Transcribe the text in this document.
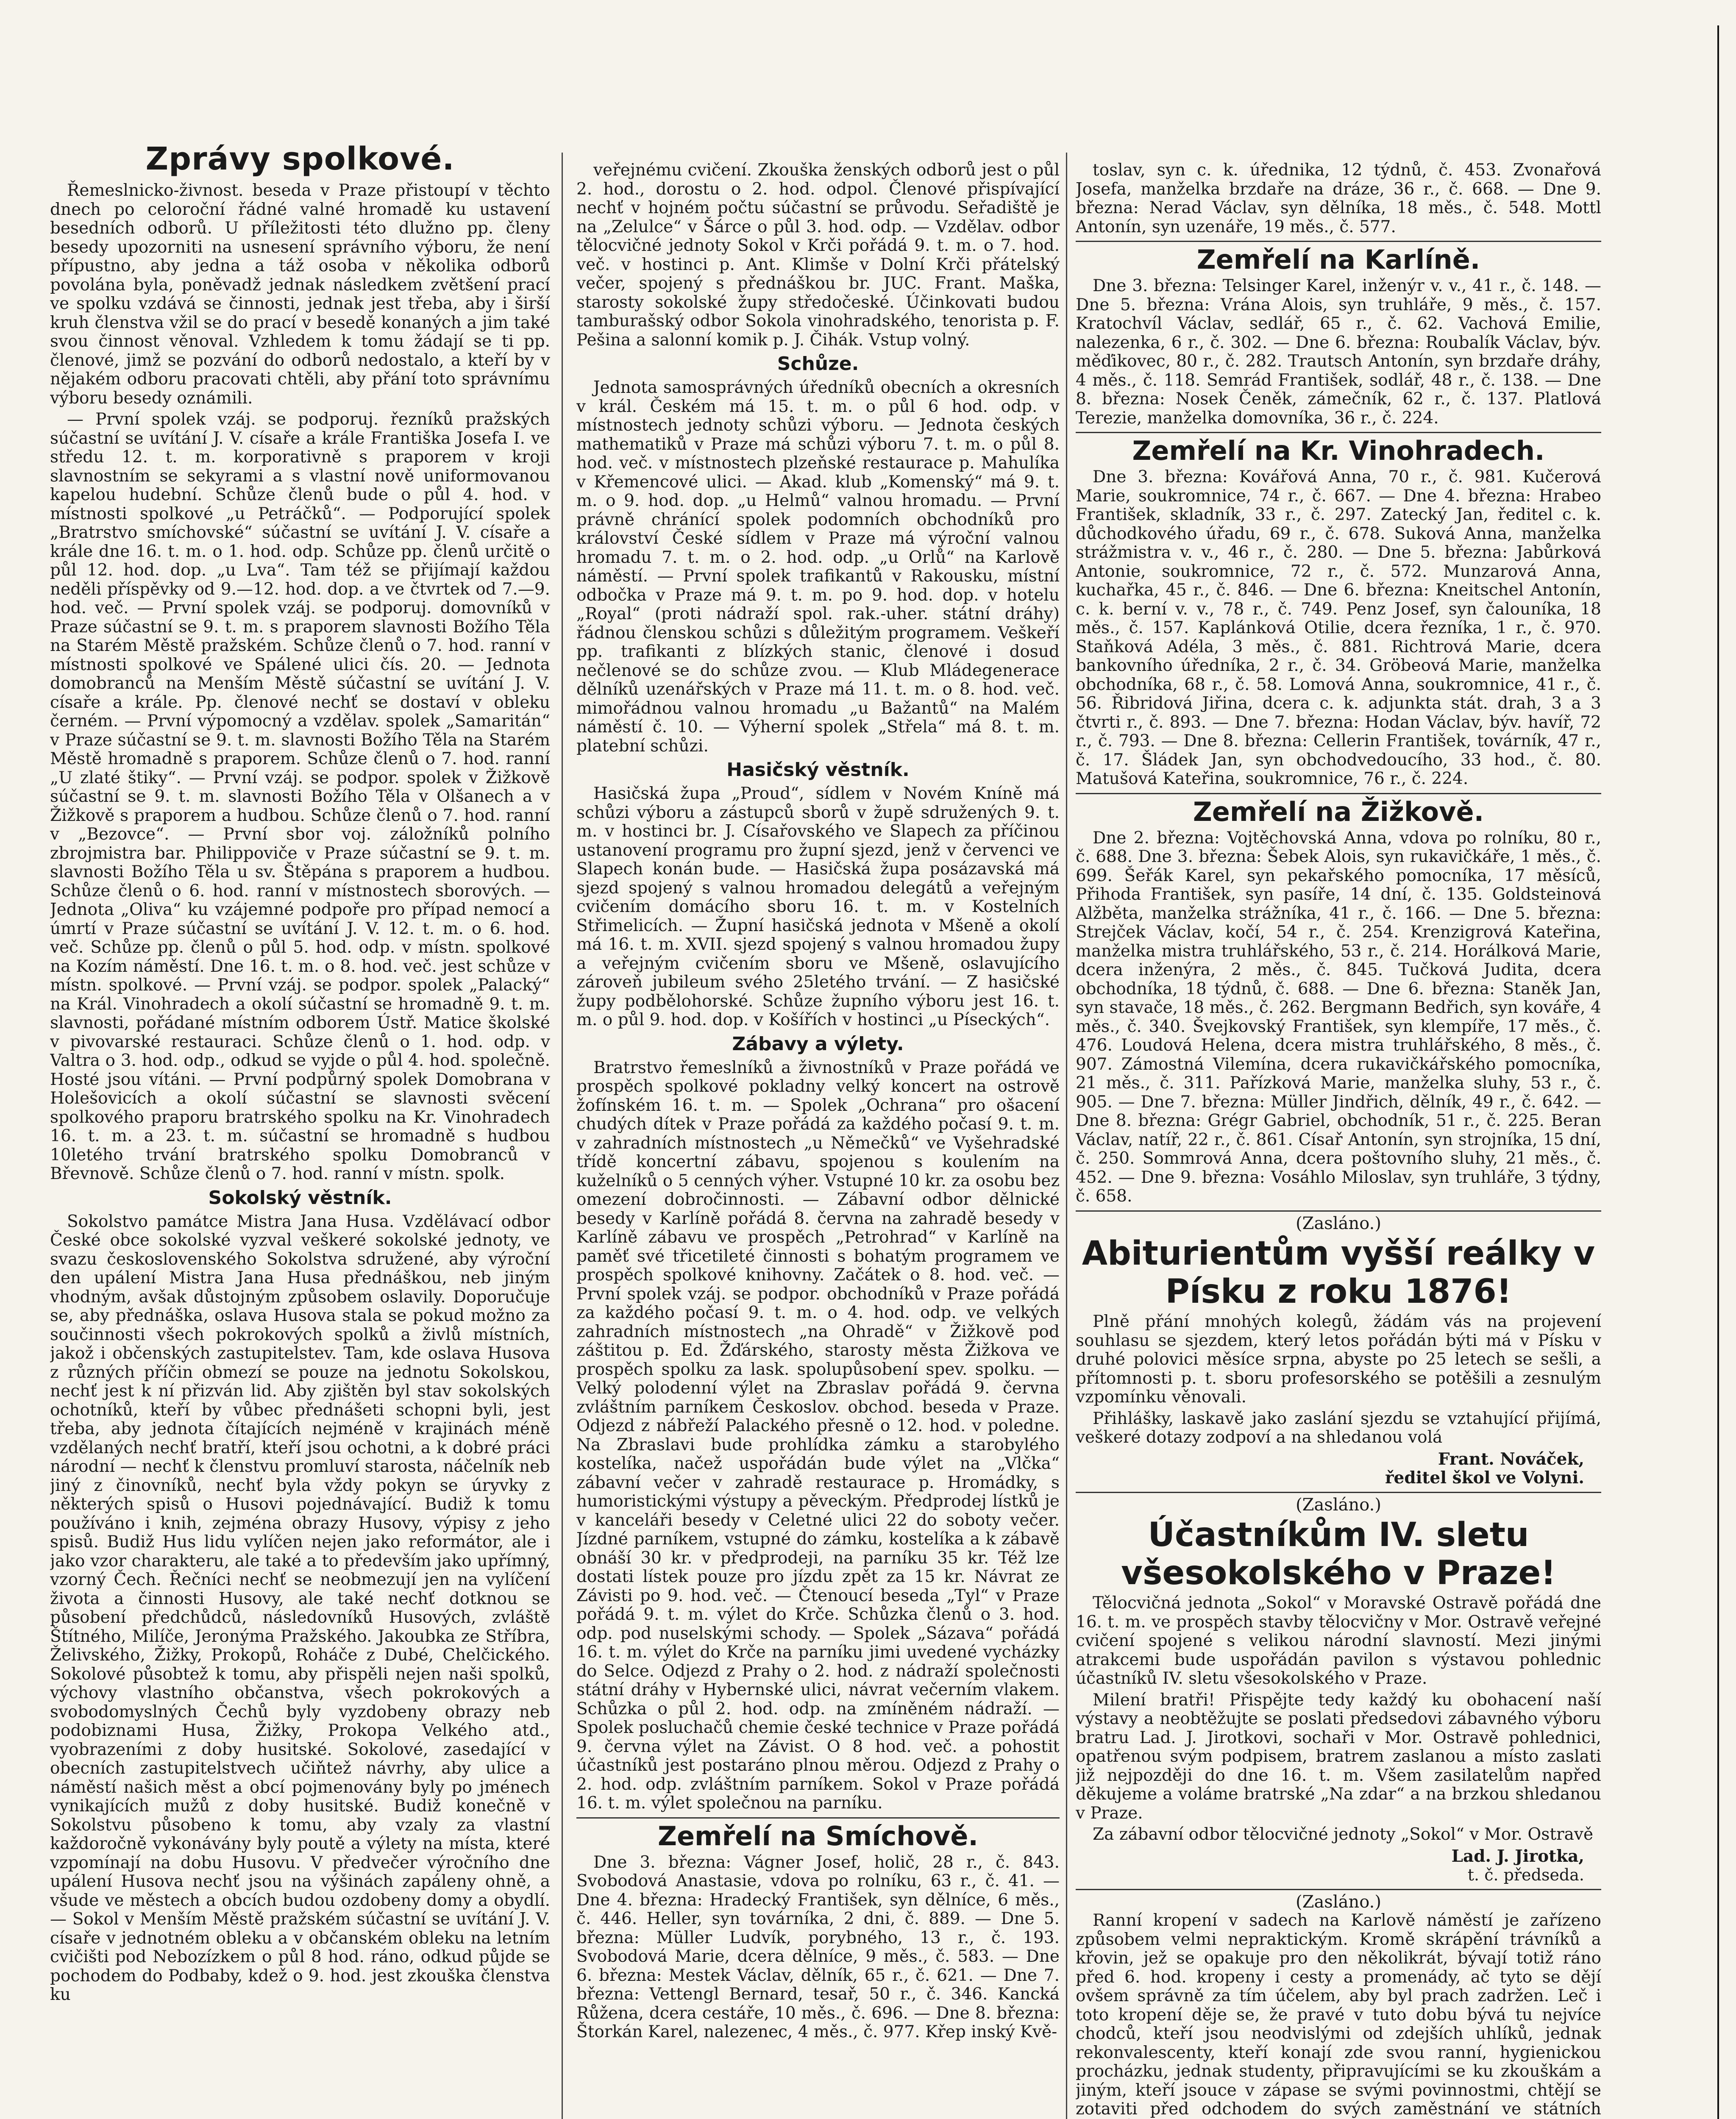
Zprávy spolkové.

Řemeslnicko-živnost. beseda v Praze přistoupí v těchto dnech po celoroční řádné valné hromadě ku ustavení besedních odborů. U příležitosti této dlužno pp. členy besedy upozorniti na usnesení správního výboru, že není přípustno, aby jedna a táž osoba v několika odborů povolána byla, poněvadž jednak následkem zvětšení prací ve spolku vzdává se činnosti, jednak jest třeba, aby i širší kruh členstva vžil se do prací v besedě konaných a jim také svou činnost věnoval. Vzhledem k tomu žádají se ti pp. členové, jimž se pozvání do odborů nedostalo, a kteří by v nějakém odboru pracovati chtěli, aby přání toto správnímu výboru besedy oznámili.

— První spolek vzáj. se podporuj. řezníků pražských súčastní se uvítání J. V. císaře a krále Františka Josefa I. ve středu 12. t. m. korporativně s praporem v kroji slavnostním se sekyrami a s vlastní nově uniformovanou kapelou hudební. Schůze členů bude o půl 4. hod. v místnosti spolkové „u Petráčků“. — Podporující spolek „Bratrstvo smíchovské“ súčastní se uvítání J. V. císaře a krále dne 16. t. m. o 1. hod. odp. Schůze pp. členů určitě o půl 12. hod. dop. „u Lva“. Tam též se přijímají každou neděli příspěvky od 9.—12. hod. dop. a ve čtvrtek od 7.—9. hod. več. — První spolek vzáj. se podporuj. domovníků v Praze súčastní se 9. t. m. s praporem slavnosti Božího Těla na Starém Městě pražském. Schůze členů o 7. hod. ranní v místnosti spolkové ve Spálené ulici čís. 20. — Jednota domobranců na Menším Městě súčastní se uvítání J. V. císaře a krále. Pp. členové nechť se dostaví v obleku černém. — První výpomocný a vzdělav. spolek „Samaritán“ v Praze súčastní se 9. t. m. slavnosti Božího Těla na Starém Městě hromadně s praporem. Schůze členů o 7. hod. ranní „U zlaté štiky“. — První vzáj. se podpor. spolek v Žižkově súčastní se 9. t. m. slavnosti Božího Těla v Olšanech a v Žižkově s praporem a hudbou. Schůze členů o 7. hod. ranní v „Bezovce“. — První sbor voj. záložníků polního zbrojmistra bar. Philippoviče v Praze súčastní se 9. t. m. slavnosti Božího Těla u sv. Štěpána s praporem a hudbou. Schůze členů o 6. hod. ranní v místnostech sborových. — Jednota „Oliva“ ku vzájemné podpoře pro případ nemocí a úmrtí v Praze súčastní se uvítání J. V. 12. t. m. o 6. hod. več. Schůze pp. členů o půl 5. hod. odp. v místn. spolkové na Kozím náměstí. Dne 16. t. m. o 8. hod. več. jest schůze v místn. spolkové. — První vzáj. se podpor. spolek „Palacký“ na Král. Vinohradech a okolí súčastní se hromadně 9. t. m. slavnosti, pořádané místním odborem Ústř. Matice školské v pivovarské restauraci. Schůze členů o 1. hod. odp. v Valtra o 3. hod. odp., odkud se vyjde o půl 4. hod. společně. Hosté jsou vítáni. — První podpůrný spolek Domobrana v Holešovicích a okolí súčastní se slavnosti svěcení spolkového praporu bratrského spolku na Kr. Vinohradech 16. t. m. a 23. t. m. súčastní se hromadně s hudbou 10letého trvání bratrského spolku Domobranců v Břevnově. Schůze členů o 7. hod. ranní v místn. spolk.

Sokolský věstník.

Sokolstvo památce Mistra Jana Husa. Vzdělávací odbor České obce sokolské vyzval veškeré sokolské jednoty, ve svazu československého Sokolstva sdružené, aby výroční den upálení Mistra Jana Husa přednáškou, neb jiným vhodným, avšak důstojným způsobem oslavily. Doporučuje se, aby přednáška, oslava Husova stala se pokud možno za součinnosti všech pokrokových spolků a živlů místních, jakož i občenských zastupitelstev. Tam, kde oslava Husova z různých příčin obmezí se pouze na jednotu Sokolskou, nechť jest k ní přizván lid. Aby zjištěn byl stav sokolských ochotníků, kteří by vůbec přednášeti schopni byli, jest třeba, aby jednota čítajících nejméně v krajinách méně vzdělaných nechť bratří, kteří jsou ochotni, a k dobré práci národní — nechť k členstvu promluví starosta, náčelník neb jiný z činovníků, nechť byla vždy pokyn se úryvky z některých spisů o Husovi pojednávající. Budiž k tomu používáno i knih, zejména obrazy Husovy, výpisy z jeho spisů. Budiž Hus lidu vylíčen nejen jako reformátor, ale i jako vzor charakteru, ale také a to především jako upřímný, vzorný Čech. Řečníci nechť se neobmezují jen na vylíčení života a činnosti Husovy, ale také nechť dotknou se působení předchůdců, následovníků Husových, zvláště Štítného, Milíče, Jeronýma Pražského. Jakoubka ze Stříbra, Želivského, Žižky, Prokopů, Roháče z Dubé, Chelčického. Sokolové působtež k tomu, aby přispěli nejen naši spolků, výchovy vlastního občanstva, všech pokrokových a svobodomyslných Čechů byly vyzdobeny obrazy neb podobiznami Husa, Žižky, Prokopa Velkého atd., vyobrazeními z doby husitské. Sokolové, zasedající v obecních zastupitelstvech učiňtež návrhy, aby ulice a náměstí našich měst a obcí pojmenovány byly po jménech vynikajících mužů z doby husitské. Budiž konečně v Sokolstvu působeno k tomu, aby vzaly za vlastní každoročně vykonávány byly poutě a výlety na místa, které vzpomínají na dobu Husovu. V předvečer výročního dne upálení Husova nechť jsou na výšinách zapáleny ohně, a všude ve městech a obcích budou ozdobeny domy a obydlí. — Sokol v Menším Městě pražském súčastní se uvítání J. V. císaře v jednotném obleku a v občanském obleku na letním cvičišti pod Nebozízkem o půl 8 hod. ráno, odkud půjde se pochodem do Podbaby, kdež o 9. hod. jest zkouška členstva ku

veřejnému cvičení. Zkouška ženských odborů jest o půl 2. hod., dorostu o 2. hod. odpol. Členové přispívající nechť v hojném počtu súčastní se průvodu. Seřadiště je na „Zelulce“ v Šárce o půl 3. hod. odp. — Vzdělav. odbor tělocvičné jednoty Sokol v Krči pořádá 9. t. m. o 7. hod. več. v hostinci p. Ant. Klimše v Dolní Krči přátelský večer, spojený s přednáškou br. JUC. Frant. Maška, starosty sokolské župy středočeské. Účinkovati budou tamburašský odbor Sokola vinohradského, tenorista p. F. Pešina a salonní komik p. J. Čihák. Vstup volný.

Schůze.

Jednota samosprávných úředníků obecních a okresních v král. Českém má 15. t. m. o půl 6 hod. odp. v místnostech jednoty schůzi výboru. — Jednota českých mathematiků v Praze má schůzi výboru 7. t. m. o půl 8. hod. več. v místnostech plzeňské restaurace p. Mahulíka v Křemencové ulici. — Akad. klub „Komenský“ má 9. t. m. o 9. hod. dop. „u Helmů“ valnou hromadu. — První právně chránící spolek podomních obchodníků pro království České sídlem v Praze má výroční valnou hromadu 7. t. m. o 2. hod. odp. „u Orlů“ na Karlově náměstí. — První spolek trafikantů v Rakousku, místní odbočka v Praze má 9. t. m. po 9. hod. dop. v hotelu „Royal“ (proti nádraží spol. rak.-uher. státní dráhy) řádnou členskou schůzi s důležitým programem. Veškeří pp. trafikanti z blízkých stanic, členové i dosud nečlenové se do schůze zvou. — Klub Mládegenerace dělníků uzenářských v Praze má 11. t. m. o 8. hod. več. mimořádnou valnou hromadu „u Bažantů“ na Malém náměstí č. 10. — Výherní spolek „Střela“ má 8. t. m. platební schůzi.

Hasičský věstník.

Hasičská župa „Proud“, sídlem v Novém Kníně má schůzi výboru a zástupců sborů v župě sdružených 9. t. m. v hostinci br. J. Císařovského ve Slapech za příčinou ustanovení programu pro župní sjezd, jenž v červenci ve Slapech konán bude. — Hasičská župa posázavská má sjezd spojený s valnou hromadou delegátů a veřejným cvičením domácího sboru 16. t. m. v Kostelních Střimelicích. — Župní hasičská jednota v Mšeně a okolí má 16. t. m. XVII. sjezd spojený s valnou hromadou župy a veřejným cvičením sboru ve Mšeně, oslavujícího zároveň jubileum svého 25letého trvání. — Z hasičské župy podbělohorské. Schůze župního výboru jest 16. t. m. o půl 9. hod. dop. v Košířích v hostinci „u Píseckých“.

Zábavy a výlety.

Bratrstvo řemeslníků a živnostníků v Praze pořádá ve prospěch spolkové pokladny velký koncert na ostrově žofínském 16. t. m. — Spolek „Ochrana“ pro ošacení chudých dítek v Praze pořádá za každého počasí 9. t. m. v zahradních místnostech „u Němečků“ ve Vyšehradské třídě koncertní zábavu, spojenou s koulením na kuželníků o 5 cenných výher. Vstupné 10 kr. za osobu bez omezení dobročinnosti. — Zábavní odbor dělnické besedy v Karlíně pořádá 8. června na zahradě besedy v Karlíně zábavu ve prospěch „Petrohrad“ v Karlíně na paměť své třicetileté činnosti s bohatým programem ve prospěch spolkové knihovny. Začátek o 8. hod. več. — První spolek vzáj. se podpor. obchodníků v Praze pořádá za každého počasí 9. t. m. o 4. hod. odp. ve velkých zahradních místnostech „na Ohradě“ v Žižkově pod záštitou p. Ed. Žďárského, starosty města Žižkova ve prospěch spolku za lask. spolupůsobení spev. spolku. — Velký polodenní výlet na Zbraslav pořádá 9. června zvláštním parníkem Českoslov. obchod. beseda v Praze. Odjezd z nábřeží Palackého přesně o 12. hod. v poledne. Na Zbraslavi bude prohlídka zámku a starobylého kostelíka, načež uspořádán bude výlet na „Vlčka“ zábavní večer v zahradě restaurace p. Hromádky, s humoristickými výstupy a pěveckým. Předprodej lístků je v kanceláři besedy v Celetné ulici 22 do soboty večer. Jízdné parníkem, vstupné do zámku, kostelíka a k zábavě obnáší 30 kr. v předprodeji, na parníku 35 kr. Též lze dostati lístek pouze pro jízdu zpět za 15 kr. Návrat ze Závisti po 9. hod. več. — Čtenoucí beseda „Tyl“ v Praze pořádá 9. t. m. výlet do Krče. Schůzka členů o 3. hod. odp. pod nuselskými schody. — Spolek „Sázava“ pořádá 16. t. m. výlet do Krče na parníku jimi uvedené vycházky do Selce. Odjezd z Prahy o 2. hod. z nádraží společnosti státní dráhy v Hybernské ulici, návrat večerním vlakem. Schůzka o půl 2. hod. odp. na zmíněném nádraží. — Spolek posluchačů chemie české technice v Praze pořádá 9. června výlet na Závist. O 8 hod. več. a pohostit účastníků jest postaráno plnou měrou. Odjezd z Prahy o 2. hod. odp. zvláštním parníkem. Sokol v Praze pořádá 16. t. m. výlet společnou na parníku.

Zemřelí na Smíchově.

Dne 3. března: Vágner Josef, holič, 28 r., č. 843. Svobodová Anastasie, vdova po rolníku, 63 r., č. 41. — Dne 4. března: Hradecký František, syn dělníce, 6 měs., č. 446. Heller, syn továrníka, 2 dni, č. 889. — Dne 5. března: Müller Ludvík, porybného, 13 r., č. 193. Svobodová Marie, dcera dělníce, 9 měs., č. 583. — Dne 6. března: Mestek Václav, dělník, 65 r., č. 621. — Dne 7. března: Vettengl Bernard, tesař, 50 r., č. 346. Kancká Růžena, dcera cestáře, 10 měs., č. 696. — Dne 8. března: Štorkán Karel, nalezenec, 4 měs., č. 977. Křep inský Kvě-

toslav, syn c. k. úřednika, 12 týdnů, č. 453. Zvonařová Josefa, manželka brzdaře na dráze, 36 r., č. 668. — Dne 9. března: Nerad Václav, syn dělníka, 18 měs., č. 548. Mottl Antonín, syn uzenáře, 19 měs., č. 577.

Zemřelí na Karlíně.

Dne 3. března: Telsinger Karel, inženýr v. v., 41 r., č. 148. — Dne 5. března: Vrána Alois, syn truhláře, 9 měs., č. 157. Kratochvíl Václav, sedlář, 65 r., č. 62. Vachová Emilie, nalezenka, 6 r., č. 302. — Dne 6. března: Roubalík Václav, býv. měďikovec, 80 r., č. 282. Trautsch Antonín, syn brzdaře dráhy, 4 měs., č. 118. Semrád František, sodlář, 48 r., č. 138. — Dne 8. března: Nosek Čeněk, zámečník, 62 r., č. 137. Platlová Terezie, manželka domovníka, 36 r., č. 224.

Zemřelí na Kr. Vinohradech.

Dne 3. března: Kovářová Anna, 70 r., č. 981. Kučerová Marie, soukromnice, 74 r., č. 667. — Dne 4. března: Hrabeo František, skladník, 33 r., č. 297. Zatecký Jan, ředitel c. k. důchodkového úřadu, 69 r., č. 678. Suková Anna, manželka strážmistra v. v., 46 r., č. 280. — Dne 5. března: Jabůrková Antonie, soukromnice, 72 r., č. 572. Munzarová Anna, kuchařka, 45 r., č. 846. — Dne 6. března: Kneitschel Antonín, c. k. berní v. v., 78 r., č. 749. Penz Josef, syn čalouníka, 18 měs., č. 157. Kaplánková Otilie, dcera řezníka, 1 r., č. 970. Staňková Adéla, 3 měs., č. 881. Richtrová Marie, dcera bankovního úředníka, 2 r., č. 34. Gröbeová Marie, manželka obchodníka, 68 r., č. 58. Lomová Anna, soukromnice, 41 r., č. 56. Řibridová Jiřina, dcera c. k. adjunkta stát. drah, 3 a 3 čtvrti r., č. 893. — Dne 7. března: Hodan Václav, býv. havíř, 72 r., č. 793. — Dne 8. března: Cellerin František, továrník, 47 r., č. 17. Šládek Jan, syn obchodvedoucího, 33 hod., č. 80. Matušová Kateřina, soukromnice, 76 r., č. 224.

Zemřelí na Žižkově.

Dne 2. března: Vojtěchovská Anna, vdova po rolníku, 80 r., č. 688. Dne 3. března: Šebek Alois, syn rukavičkáře, 1 měs., č. 699. Šeřák Karel, syn pekařského pomocníka, 17 měsíců, Přihoda František, syn pasíře, 14 dní, č. 135. Goldsteinová Alžběta, manželka strážníka, 41 r., č. 166. — Dne 5. března: Strejček Václav, kočí, 54 r., č. 254. Krenzigrová Kateřina, manželka mistra truhlářského, 53 r., č. 214. Horálková Marie, dcera inženýra, 2 měs., č. 845. Tučková Judita, dcera obchodníka, 18 týdnů, č. 688. — Dne 6. března: Staněk Jan, syn stavače, 18 měs., č. 262. Bergmann Bedřich, syn kováře, 4 měs., č. 340. Švejkovský František, syn klempíře, 17 měs., č. 476. Loudová Helena, dcera mistra truhlářského, 8 měs., č. 907. Zámostná Vilemína, dcera rukavičkářského pomocníka, 21 měs., č. 311. Pařízková Marie, manželka sluhy, 53 r., č. 905. — Dne 7. března: Müller Jindřich, dělník, 49 r., č. 642. — Dne 8. března: Grégr Gabriel, obchodník, 51 r., č. 225. Beran Václav, natíř, 22 r., č. 861. Císař Antonín, syn strojníka, 15 dní, č. 250. Sommrová Anna, dcera poštovního sluhy, 21 měs., č. 452. — Dne 9. března: Vosáhlo Miloslav, syn truhláře, 3 týdny, č. 658.

(Zasláno.)
Abiturientům vyšší reálky v Písku z roku 1876!

Plně přání mnohých kolegů, žádám vás na projevení souhlasu se sjezdem, který letos pořádán býti má v Písku v druhé polovici měsíce srpna, abyste po 25 letech se sešli, a přítomnosti p. t. sboru profesorského se potěšili a zesnulým vzpomínku věnovali.

Přihlášky, laskavě jako zaslání sjezdu se vztahující přijímá, veškeré dotazy zodpoví a na shledanou volá

Frant. Nováček,
ředitel škol ve Volyni.
(Zasláno.)
Účastníkům IV. sletu všesokolského v Praze!

Tělocvičná jednota „Sokol“ v Moravské Ostravě pořádá dne 16. t. m. ve prospěch stavby tělocvičny v Mor. Ostravě veřejné cvičení spojené s velikou národní slavností. Mezi jinými atrakcemi bude uspořádán pavilon s výstavou pohlednic účastníků IV. sletu všesokolského v Praze.

Milení bratři! Přispějte tedy každý ku obohacení naší výstavy a neobtěžujte se poslati předsedovi zábavného výboru bratru Lad. J. Jirotkovi, sochaři v Mor. Ostravě pohlednici, opatřenou svým podpisem, bratrem zaslanou a místo zaslati již nejpozději do dne 16. t. m. Všem zasilatelům napřed děkujeme a voláme bratrské „Na zdar“ a na brzkou shledanou v Praze.

Za zábavní odbor tělocvičné jednoty „Sokol“ v Mor. Ostravě

Lad. J. Jirotka,
t. č. předseda.
(Zasláno.)

Ranní kropení v sadech na Karlově náměstí je zařízeno způsobem velmi nepraktickým. Kromě skrápění trávníků a křovin, jež se opakuje pro den několikrát, bývají totiž ráno před 6. hod. kropeny i cesty a promenády, ač tyto se dějí ovšem správně za tím účelem, aby byl prach zadržen. Leč i toto kropení děje se, že pravé v tuto dobu bývá tu nejvíce chodců, kteří jsou neodvislými od zdejších uhlíků, jednak rekonvalescenty, kteří konají zde svou ranní, hygienickou procházku, jednak studenty, připravujícími se ku zkouškám a jiným, kteří jsouce v zápase se svými povinnostmi, chtějí se zotaviti před odchodem do svých zaměstnání ve státních
